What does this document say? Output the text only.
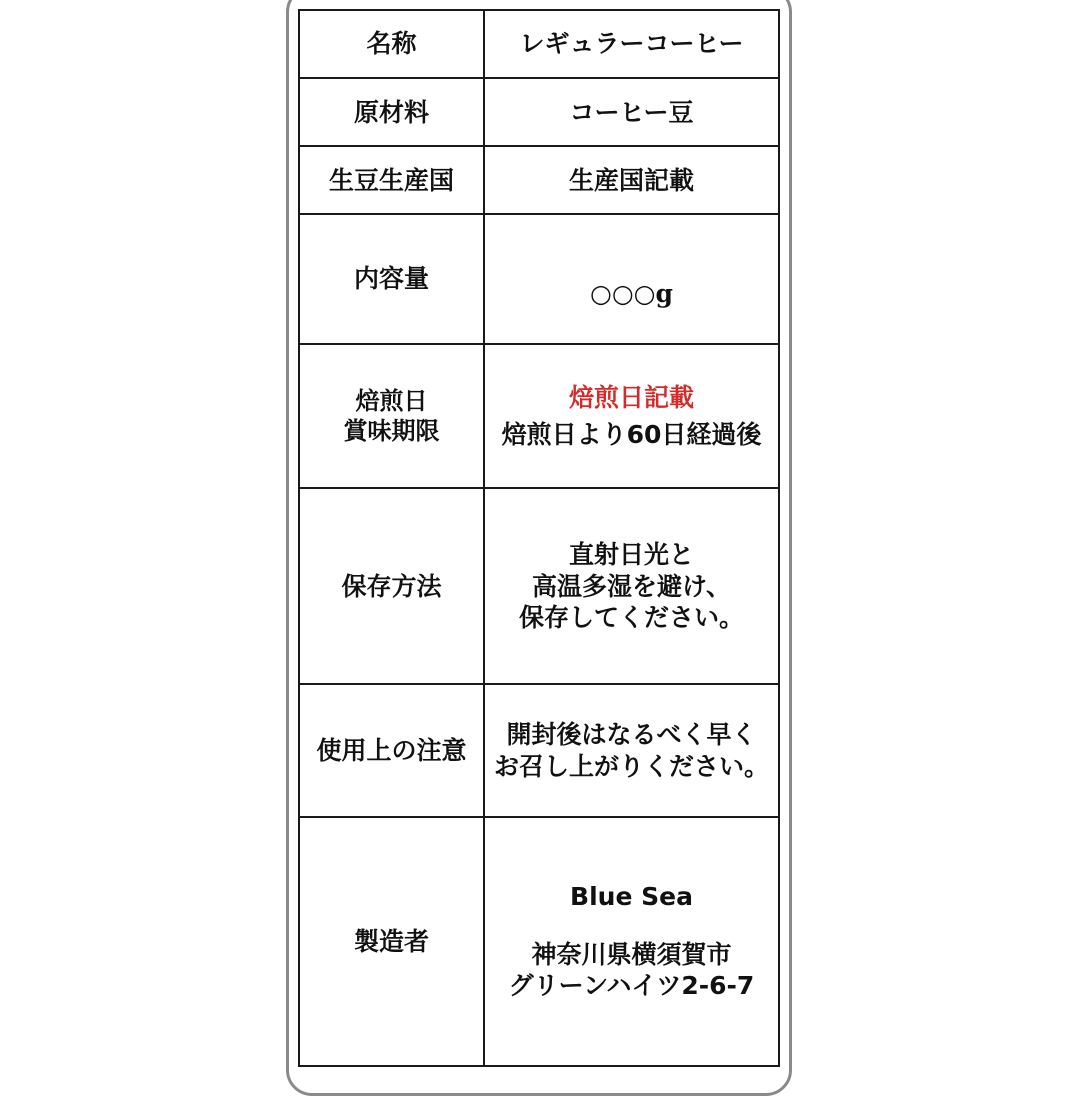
名称	レギュラーコーヒー
原材料	コーヒー豆
生豆生産国	生産国記載
内容量	○○○g

焙煎日
賞味期限	焙煎日記載
焙煎日より60日経過後

保存方法	直射日光と
高温多湿を避け、
保存してください。

使用上の注意	開封後はなるべく早く
お召し上がりください。

製造者	Blue Sea
神奈川県横須賀市
グリーンハイツ2-6-7
